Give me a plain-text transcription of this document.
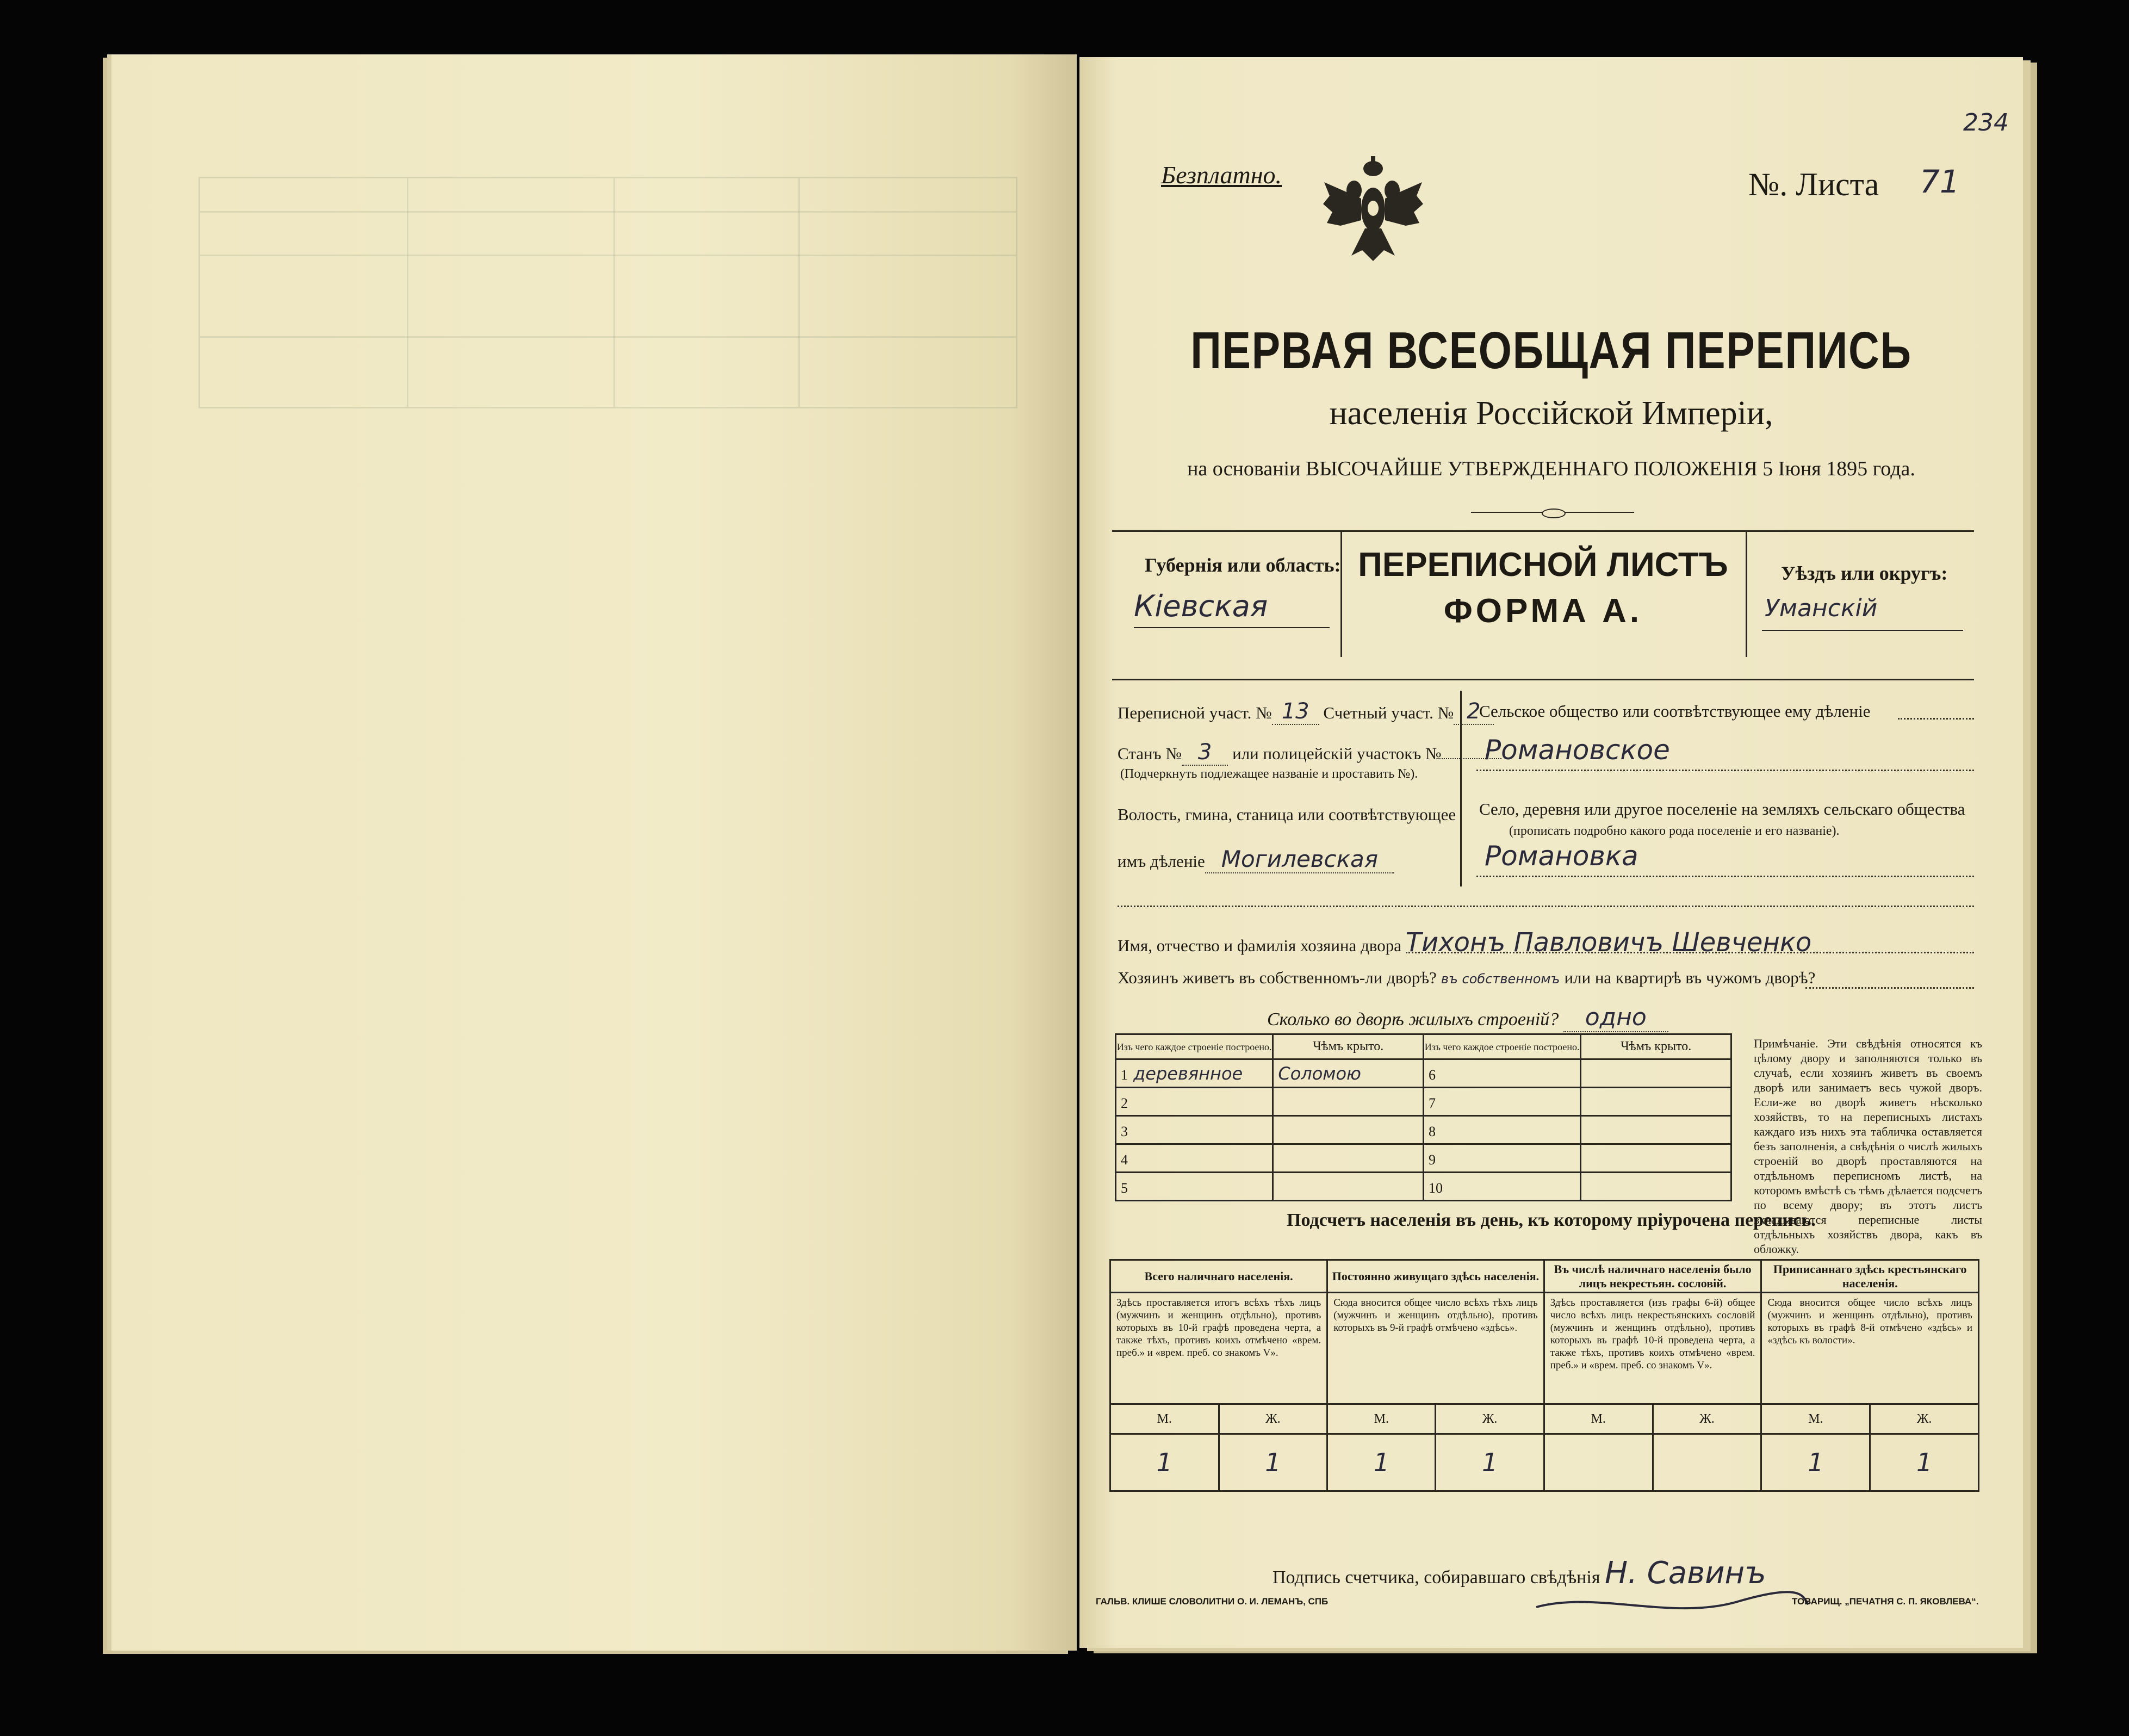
234
Безплатно.	№. Листа 71
ПЕРВАЯ ВСЕОБЩАЯ ПЕРЕПИСЬ
населенія Россійской Имперіи,
на основаніи ВЫСОЧАЙШЕ УТВЕРЖДЕННАГО ПОЛОЖЕНІЯ 5 Іюня 1895 года.
Губернія или область:
Кіевская
ПЕРЕПИСНОЙ ЛИСТЪ
ФОРМА А.
Уѣздъ или округъ:
Уманскій
Переписной участ. № 13 Счетный участ. № 2
Станъ № 3 или полицейскій участокъ №
(Подчеркнуть подлежащее названіе и проставить №).
Волость, гмина, станица или соотвѣтствующее
имъ дѣленіе Могилевская
Сельское общество или соотвѣтствующее ему дѣленіе
Романовское
Село, деревня или другое поселеніе на земляхъ сельскаго общества
(прописать подробно какого рода поселеніе и его названіе).
Романовка
Имя, отчество и фамилія хозяина двора Тихонъ Павловичъ Шевченко
Хозяинъ живетъ въ собственномъ-ли дворѣ? въ собственномъ или на квартирѣ въ чужомъ дворѣ?
Сколько во дворѣ жилыхъ строеній? одно
Изъ чего каждое строеніе построено.	Чѣмъ крыто.	Изъ чего каждое строеніе построено.	Чѣмъ крыто.
1 деревянное	Соломою	6	
2		7	
3		8	
4		9	
5		10	
Примѣчаніе. Эти свѣдѣнія относятся къ цѣлому двору и заполняются только въ случаѣ, если хозяинъ живетъ въ своемъ дворѣ или занимаетъ весь чужой дворъ. Если-же во дворѣ живетъ нѣсколько хозяйствъ, то на переписныхъ листахъ каждаго изъ нихъ эта табличка оставляется безъ заполненія, а свѣдѣнія о числѣ жилыхъ строеній во дворѣ проставляются на отдѣльномъ переписномъ листѣ, на которомъ вмѣстѣ съ тѣмъ дѣлается подсчетъ по всему двору; въ этотъ листъ вкладываются переписные листы отдѣльныхъ хозяйствъ двора, какъ въ обложку.
Подсчетъ населенія въ день, къ которому пріурочена перепись.
Всего наличнаго населенія.		Постоянно живущаго здѣсь населенія.		Въ числѣ наличнаго населенія было лицъ некрестьян. сословій.		Приписаннаго здѣсь крестьянскаго населенія.	
Здѣсь проставляется итогъ всѣхъ тѣхъ лицъ (мужчинъ и женщинъ отдѣльно), противъ которыхъ въ 10-й графѣ проведена черта, а также тѣхъ, противъ коихъ отмѣчено «врем. преб.» и «врем. преб. со знакомъ V».		Сюда вносится общее число всѣхъ тѣхъ лицъ (мужчинъ и женщинъ отдѣльно), противъ которыхъ въ 9-й графѣ отмѣчено «здѣсь».		Здѣсь проставляется (изъ графы 6-й) общее число всѣхъ лицъ некрестьянскихъ сословій (мужчинъ и женщинъ отдѣльно), противъ которыхъ въ графѣ 10-й проведена черта, а также тѣхъ, противъ коихъ отмѣчено «врем. преб.» и «врем. преб. со знакомъ V».		Сюда вносится общее число всѣхъ лицъ (мужчинъ и женщинъ отдѣльно), противъ которыхъ въ графѣ 8-й отмѣчено «здѣсь» и «здѣсь къ волости».	
М.	Ж.	М.	Ж.	М.	Ж.	М.	Ж.
1	1	1	1			1	1
Подпись счетчика, собиравшаго свѣдѣнія Н. Савинъ
ГАЛЬВ. КЛИШЕ СЛОВОЛИТНИ О. И. ЛЕМАНЪ, СПБ	ТОВАРИЩ. „ПЕЧАТНЯ С. П. ЯКОВЛЕВА“.
